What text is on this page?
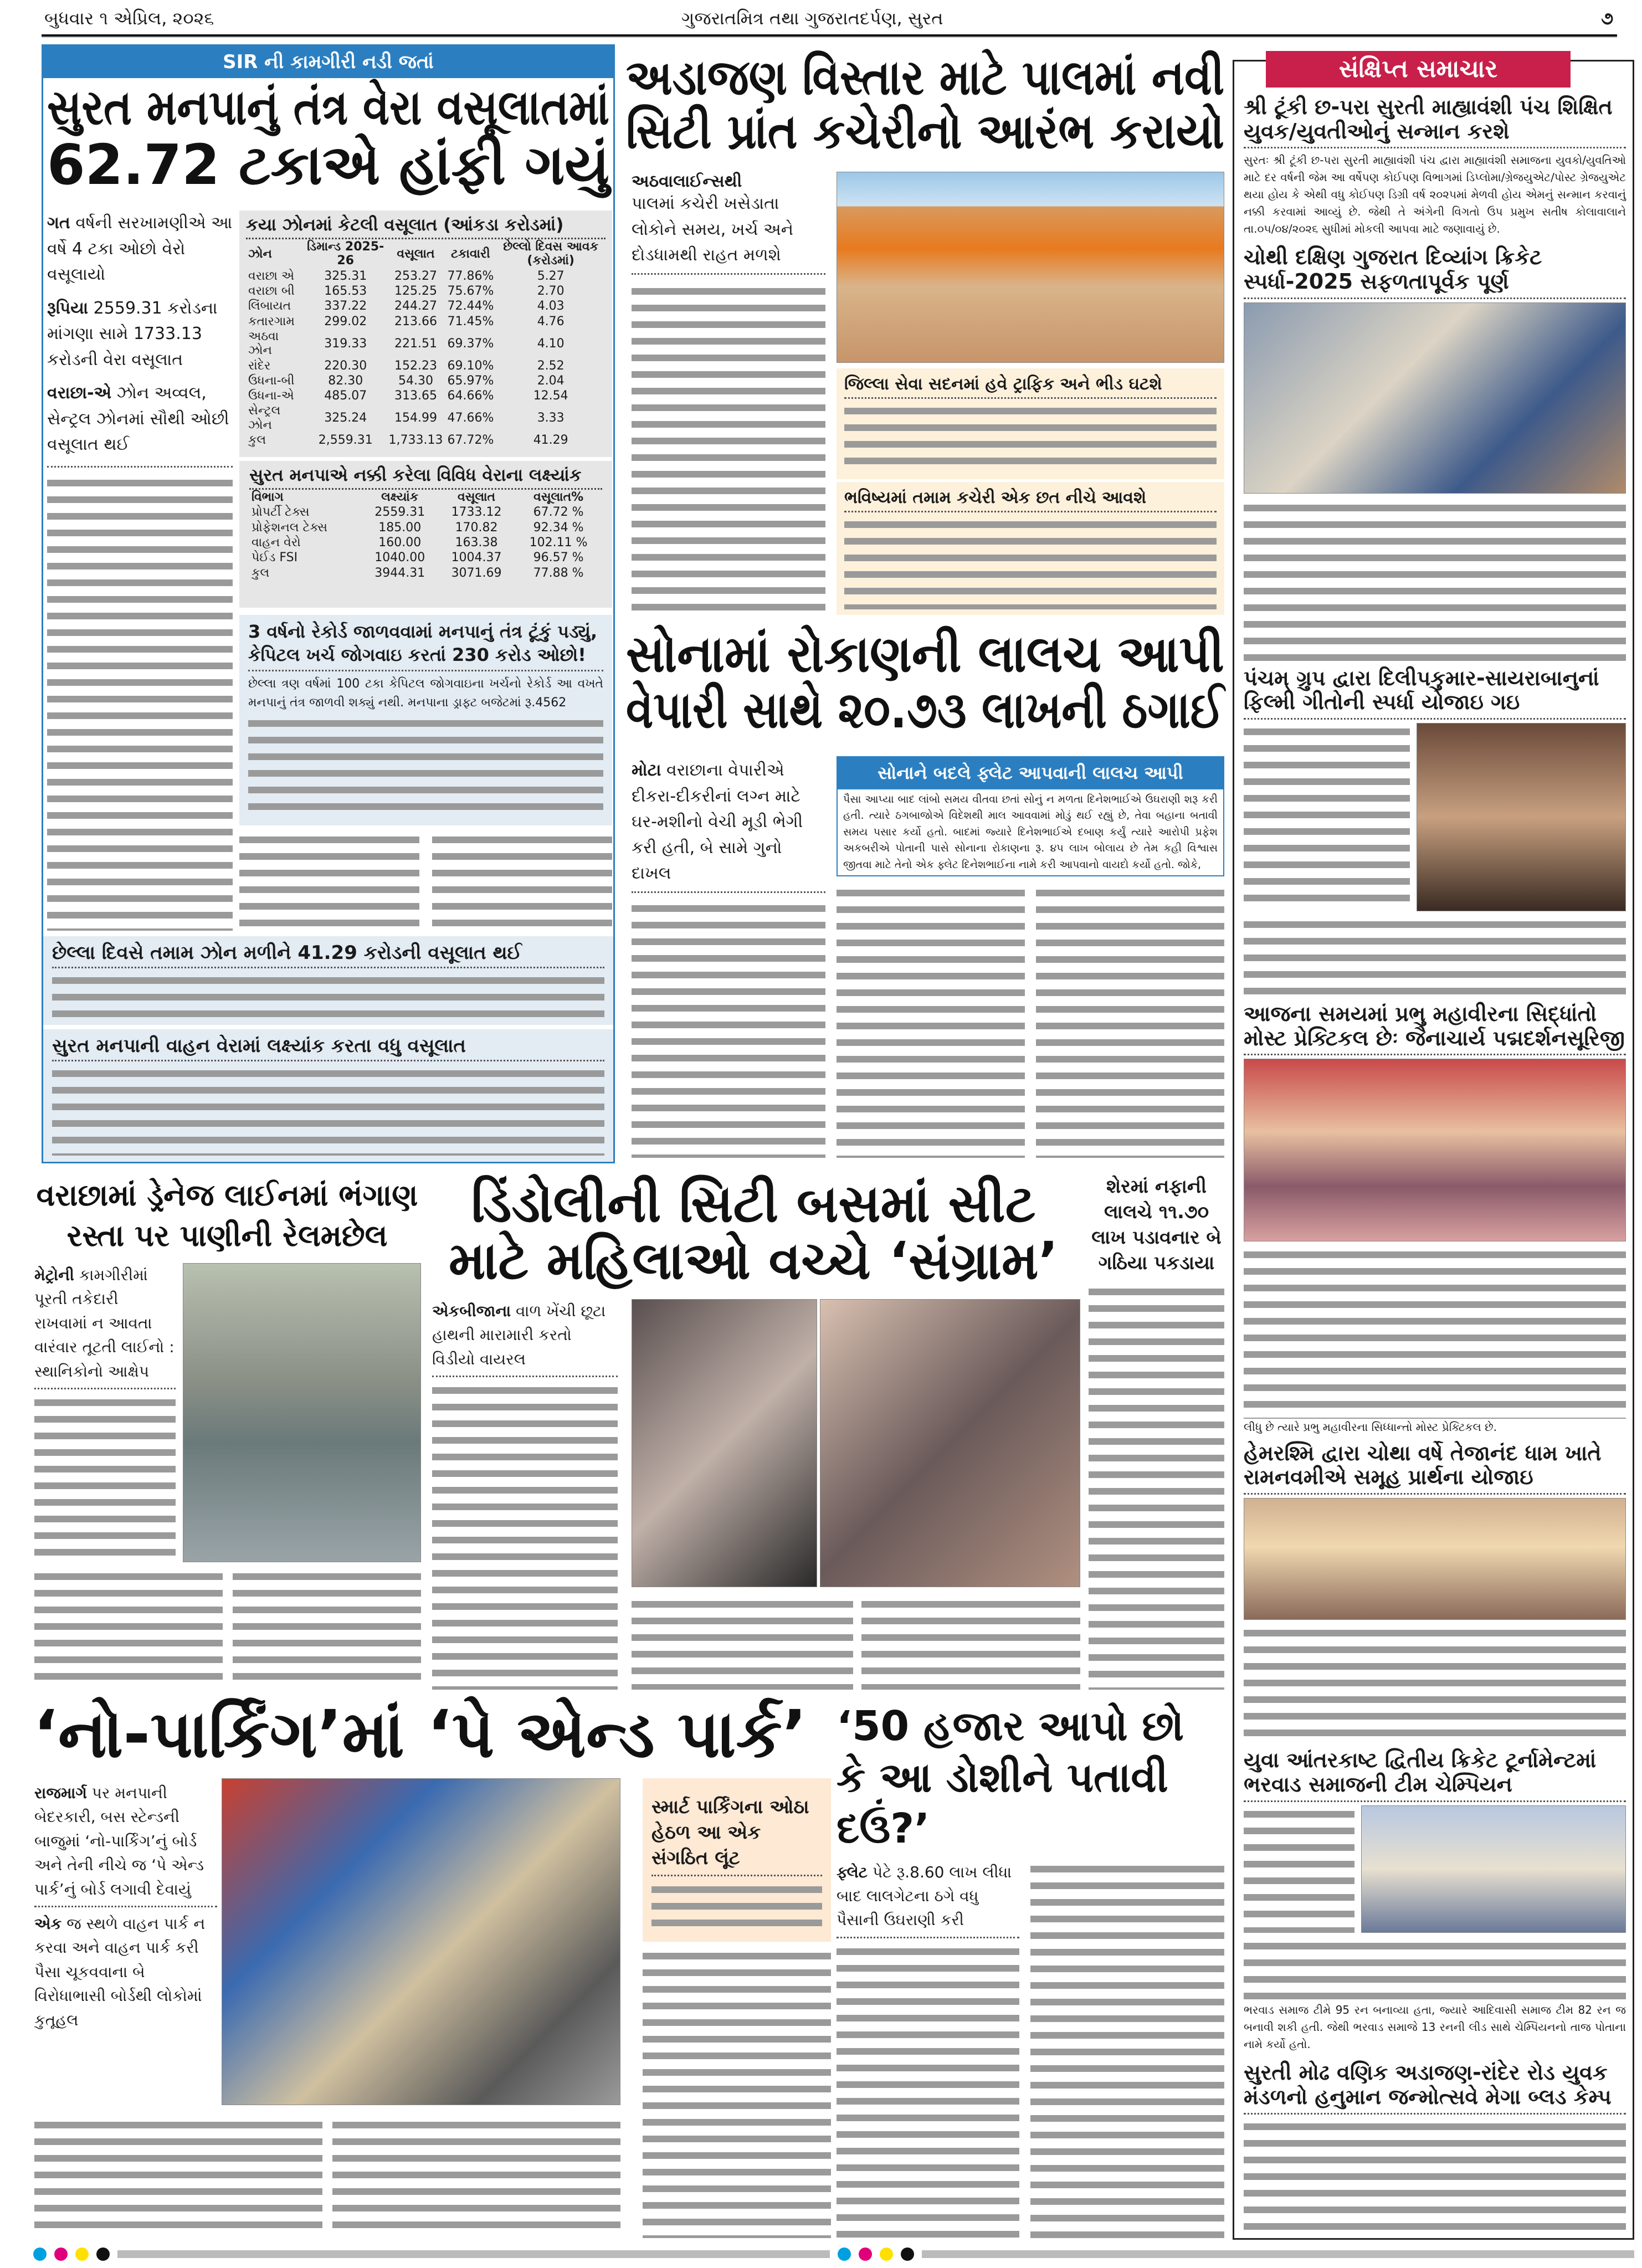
બુધવાર ૧ એપ્રિલ, ૨૦૨૬	ગુજરાતમિત્ર તથા ગુજરાતદર્પણ, સુરત	૭
SIR ની કામગીરી નડી જતાં
સુરત મનપાનું તંત્ર વેરા વસૂલાતમાં
62.72 ટકાએ હાંફી ગયું

ગત વર્ષની સરખામણીએ આ વર્ષે 4 ટકા ઓછો વેરો વસૂલાયો

રૂપિયા 2559.31 કરોડના માંગણા સામે 1733.13 કરોડની વેરા વસૂલાત

વરાછા-એ ઝોન અવ્વલ, સેન્ટ્રલ ઝોનમાં સૌથી ઓછી વસૂલાત થઈ

કયા ઝોનમાં કેટલી વસૂલાત (આંકડા કરોડમાં)
ઝોન	ડિમાન્ડ 2025-26	વસૂલાત	ટકાવારી	છેલ્લો દિવસ આવક (કરોડમાં)
વરાછા એ	325.31	253.27	77.86%	5.27
વરાછા બી	165.53	125.25	75.67%	2.70
લિંબાયત	337.22	244.27	72.44%	4.03
કતારગામ	299.02	213.66	71.45%	4.76
અઠવા ઝોન	319.33	221.51	69.37%	4.10
રાંદેર	220.30	152.23	69.10%	2.52
ઉધના-બી	82.30	54.30	65.97%	2.04
ઉધના-એ	485.07	313.65	64.66%	12.54
સેન્ટ્રલ ઝોન	325.24	154.99	47.66%	3.33
કુલ	2,559.31	1,733.13	67.72%	41.29
સુરત મનપાએ નક્કી કરેલા વિવિધ વેરાના લક્ષ્યાંક
વિભાગ	લક્ષ્યાંક	વસૂલાત	વસૂલાત%
પ્રોપર્ટી ટેક્સ	2559.31	1733.12	67.72 %
પ્રોફેશનલ ટેક્સ	185.00	170.82	92.34 %
વાહન વેરો	160.00	163.38	102.11 %
પેઈડ FSI	1040.00	1004.37	96.57 %
કુલ	3944.31	3071.69	77.88 %
3 વર્ષનો રેકોર્ડ જાળવવામાં મનપાનું તંત્ર ટૂંકું પડ્યું, કેપિટલ ખર્ચ જોગવાઇ કરતાં 230 કરોડ ઓછો!

છેલ્લા ત્રણ વર્ષમાં 100 ટકા કેપિટલ જોગવાઇના ખર્ચનો રેકોર્ડ આ વખતે મનપાનું તંત્ર જાળવી શક્યું નથી. મનપાના ડ્રાફ્ટ બજેટમાં રૂ.4562

છેલ્લા દિવસે તમામ ઝોન મળીને 41.29 કરોડની વસૂલાત થઈ
સુરત મનપાની વાહન વેરામાં લક્ષ્યાંક કરતા વધુ વસૂલાત
અડાજણ વિસ્તાર માટે પાલમાં નવી
સિટી પ્રાંત કચેરીનો આરંભ કરાયો
અઠવાલાઈન્સથી
પાલમાં કચેરી ખસેડાતા લોકોને સમય, ખર્ચ અને દોડધામથી રાહત મળશે
જિલ્લા સેવા સદનમાં હવે ટ્રાફિક અને ભીડ ઘટશે
ભવિષ્યમાં તમામ કચેરી એક છત નીચે આવશે
સોનામાં રોકાણની લાલચ આપી
વેપારી સાથે ૨૦.૭૩ લાખની ઠગાઈ
મોટા વરાછાના વેપારીએ દીકરા-દીકરીનાં લગ્ન માટે ઘર-મશીનો વેચી મૂડી ભેગી કરી હતી, બે સામે ગુનો દાખલ
સોનાને બદલે ફ્લેટ આપવાની લાલચ આપી
પૈસા આપ્યા બાદ લાંબો સમય વીતવા છતાં સોનું ન મળતા દિનેશભાઈએ ઉઘરાણી શરૂ કરી હતી. ત્યારે ઠગબાજોએ વિદેશથી માલ આવવામાં મોડું થઈ રહ્યું છે, તેવા બહાના બતાવી સમય પસાર કર્યો હતો. બાદમાં જ્યારે દિનેશભાઈએ દબાણ કર્યું ત્યારે આરોપી પ્રફેશ અકબરીએ પોતાની પાસે સોનાના રોકાણના રૂ. ૪૫ લાખ બોલાય છે તેમ કહી વિશ્વાસ જીતવા માટે તેનો એક ફ્લેટ દિનેશભાઈના નામે કરી આપવાનો વાયદો કર્યો હતો. જોકે,
સંક્ષિપ્ત સમાચાર
શ્રી ટૂંકી છ-પરા સુરતી માહ્યાવંશી પંચ શિક્ષિત યુવક/યુવતીઓનું સન્માન કરશે

સુરતઃ શ્રી ટૂંકી છ-પરા સુરતી માહ્યાવંશી પંચ દ્વારા માહ્યાવંશી સમાજના યુવકો/યુવતિઓ માટે દર વર્ષની જેમ આ વર્ષેપણ કોઈપણ વિભાગમાં ડિપ્લોમા/ગ્રેજયુએટ/પોસ્ટ ગ્રેજયુએટ થયા હોય કે એથી વધુ કોઈપણ ડિગ્રી વર્ષ ૨૦૨૫માં મેળવી હોય એમનું સન્માન કરવાનું નક્કી કરવામાં આવ્યું છે. જેથી તે અંગેની વિગતો ઉપ પ્રમુખ સતીષ કોલાવાલાને તા.૦૫/૦૪/૨૦૨૬ સુધીમાં મોકલી આપવા માટે જણાવાયું છે.

ચોથી દક્ષિણ ગુજરાત દિવ્યાંગ ક્રિકેટ સ્પર્ધા-2025 સફળતાપૂર્વક પૂર્ણ
પંચમ્ ગ્રુપ દ્વારા દિલીપકુમાર-સાયરાબાનુનાં ફિલ્મી ગીતોની સ્પર્ધા યોજાઇ ગઇ
આજના સમયમાં પ્રભુ મહાવીરના સિદ્ધાંતો મોસ્ટ પ્રેક્ટિકલ છેઃ જૈનાચાર્ય પદ્મદર્શનસૂરિજી

લીધુ છે ત્યારે પ્રભુ મહાવીરના સિધ્ધાન્તો મોસ્ટ પ્રેક્ટિકલ છે.

હેમરશ્મિ દ્વારા ચોથા વર્ષે તેજાનંદ ધામ ખાતે રામનવમીએ સમૂહ પ્રાર્થના યોજાઇ
યુવા આંતરકાષ્ટ દ્વિતીય ક્રિકેટ ટૂર્નામેન્ટમાં ભરવાડ સમાજની ટીમ ચેમ્પિયન

ભરવાડ સમાજ ટીમે 95 રન બનાવ્યા હતા, જ્યારે આદિવાસી સમાજ ટીમ 82 રન જ બનાવી શકી હતી. જેથી ભરવાડ સમાજે 13 રનની લીડ સાથે ચેમ્પિયનનો તાજ પોતાના નામે કર્યો હતો.

સુરતી મોઢ વણિક અડાજણ-રાંદેર રોડ યુવક મંડળનો હનુમાન જન્મોત્સવે મેગા બ્લડ કેમ્પ
વરાછામાં ડ્રેનેજ લાઈનમાં ભંગાણ
રસ્તા પર પાણીની રેલમછેલ
મેટ્રોની કામગીરીમાં પૂરતી તકેદારી રાખવામાં ન આવતા વારંવાર તૂટતી લાઈનો : સ્થાનિકોનો આક્ષેપ
ડિંડોલીની સિટી બસમાં સીટ
માટે મહિલાઓ વચ્ચે ‘સંગ્રામ’
એકબીજાના વાળ ખેંચી છૂટા હાથની મારામારી કરતો વિડીયો વાયરલ
શેરમાં નફાની લાલચે ૧૧.૭૦ લાખ પડાવનાર બે ગઠિયા પકડાયા
‘નો-પાર્કિંગ’માં ‘પે એન્ડ પાર્ક’
રાજમાર્ગ પર મનપાની બેદરકારી, બસ સ્ટેન્ડની બાજુમાં ‘નો-પાર્કિંગ’નું બોર્ડ અને તેની નીચે જ ‘પે એન્ડ પાર્ક’નું બોર્ડ લગાવી દેવાયું
એક જ સ્થળે વાહન પાર્ક ન કરવા અને વાહન પાર્ક કરી પૈસા ચૂકવવાના બે વિરોધાભાસી બોર્ડથી લોકોમાં કુતૂહલ
સ્માર્ટ પાર્કિંગના ઓઠા હેઠળ આ એક સંગઠિત લૂંટ
‘50 હજાર આપો છો કે આ ડોશીને પતાવી દઉં?’
ફ્લેટ પેટે રૂ.8.60 લાખ લીધા બાદ લાલગેટના ઠગે વધુ પૈસાની ઉઘરાણી કરી
